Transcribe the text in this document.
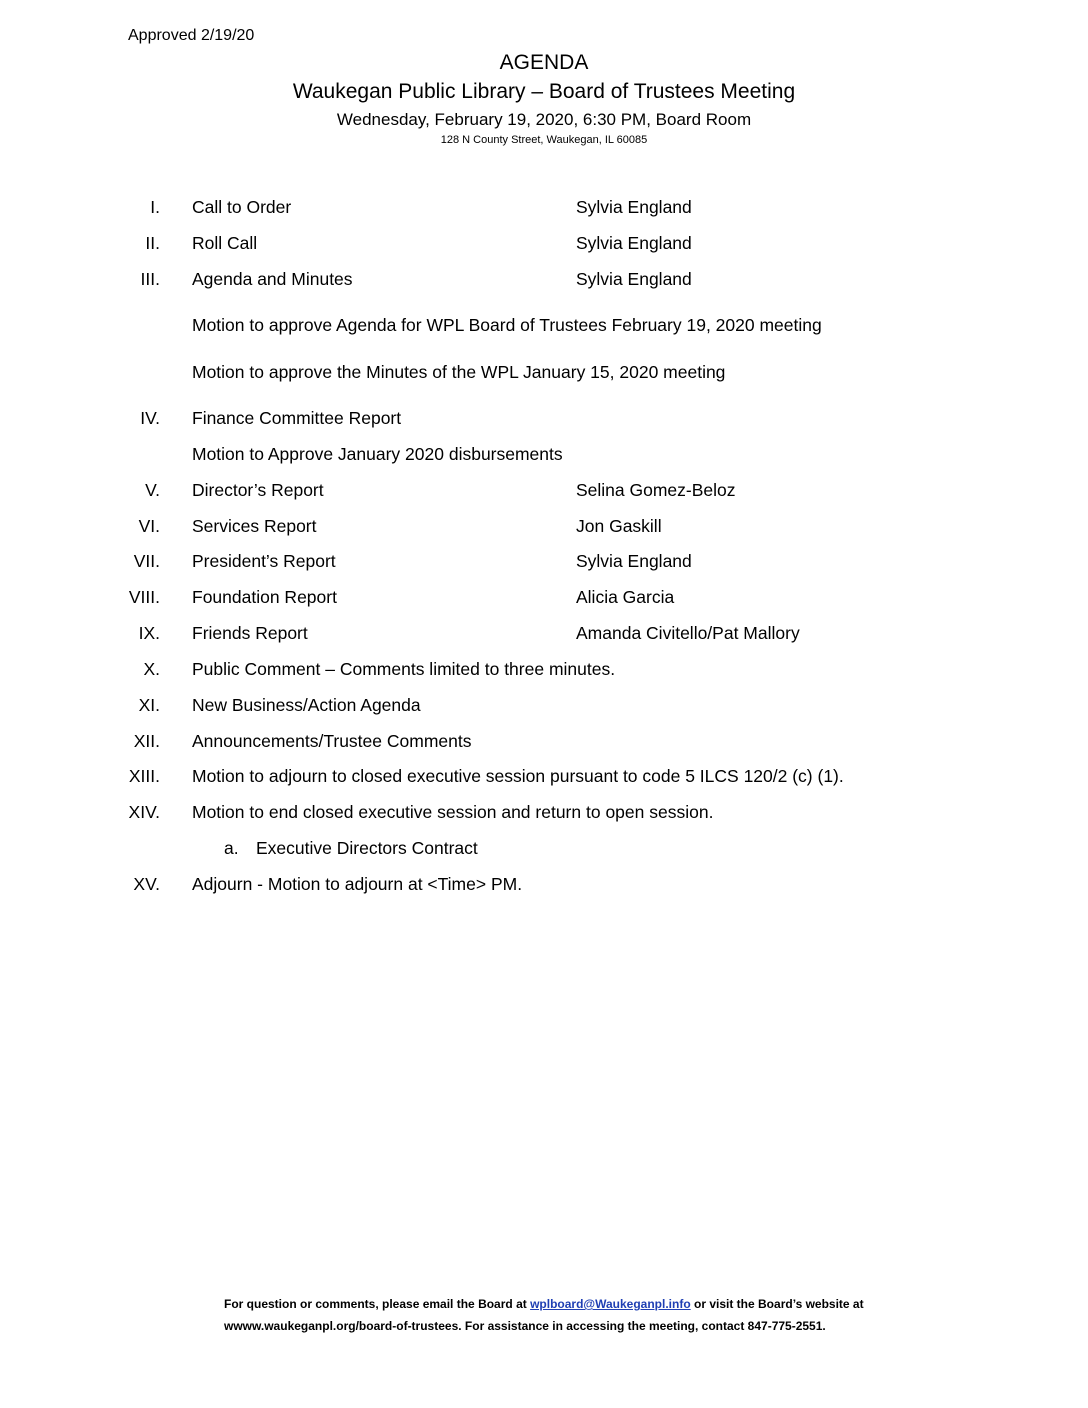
Approved 2/19/20
AGENDA
Waukegan Public Library – Board of Trustees Meeting
Wednesday, February 19, 2020, 6:30 PM, Board Room
128 N County Street, Waukegan, IL 60085
I. Call to Order	Sylvia England
II. Roll Call	Sylvia England
III. Agenda and Minutes	Sylvia England
Motion to approve Agenda for WPL Board of Trustees February 19, 2020 meeting
Motion to approve the Minutes of the WPL January 15, 2020 meeting
IV. Finance Committee Report
Motion to Approve January 2020 disbursements
V. Director’s Report	Selina Gomez-Beloz
VI. Services Report	Jon Gaskill
VII. President’s Report	Sylvia England
VIII. Foundation Report	Alicia Garcia
IX. Friends Report	Amanda Civitello/Pat Mallory
X. Public Comment – Comments limited to three minutes.
XI. New Business/Action Agenda
XII. Announcements/Trustee Comments
XIII. Motion to adjourn to closed executive session pursuant to code 5 ILCS 120/2 (c) (1).
XIV. Motion to end closed executive session and return to open session.
a. Executive Directors Contract
XV. Adjourn - Motion to adjourn at <Time> PM.
For question or comments, please email the Board at wplboard@Waukeganpl.info or visit the Board’s website at
wwww.waukeganpl.org/board-of-trustees. For assistance in accessing the meeting, contact 847-775-2551.
